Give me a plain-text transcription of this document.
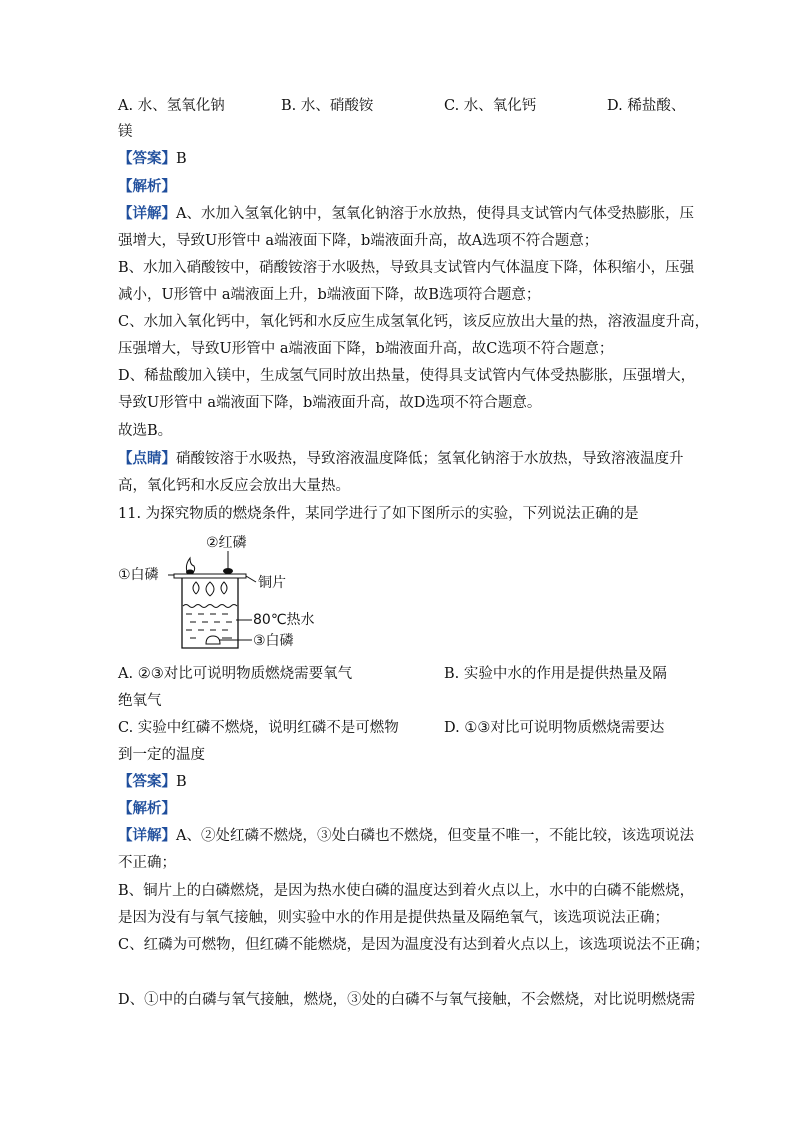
A. 水、氢氧化钠	B. 水、硝酸铵	C. 水、氧化钙	D. 稀盐酸、
镁
【答案】B
【解析】
【详解】A、水加入氢氧化钠中，氢氧化钠溶于水放热，使得具支试管内气体受热膨胀，压
强增大，导致U形管中 a端液面下降，b端液面升高，故A选项不符合题意；
B、水加入硝酸铵中，硝酸铵溶于水吸热，导致具支试管内气体温度下降，体积缩小，压强
减小，U形管中 a端液面上升，b端液面下降，故B选项符合题意；
C、水加入氧化钙中，氧化钙和水反应生成氢氧化钙，该反应放出大量的热，溶液温度升高，
压强增大，导致U形管中 a端液面下降，b端液面升高，故C选项不符合题意；
D、稀盐酸加入镁中，生成氢气同时放出热量，使得具支试管内气体受热膨胀，压强增大，
导致U形管中 a端液面下降，b端液面升高，故D选项不符合题意。
故选B。
【点睛】硝酸铵溶于水吸热，导致溶液温度降低；氢氧化钠溶于水放热，导致溶液温度升
高，氧化钙和水反应会放出大量热。
11. 为探究物质的燃烧条件，某同学进行了如下图所示的实验，下列说法正确的是
②红磷
①白磷	铜片
80℃热水
③白磷
A. ②③对比可说明物质燃烧需要氧气	B. 实验中水的作用是提供热量及隔
绝氧气
C. 实验中红磷不燃烧，说明红磷不是可燃物	D. ①③对比可说明物质燃烧需要达
到一定的温度
【答案】B
【解析】
【详解】A、②处红磷不燃烧，③处白磷也不燃烧，但变量不唯一，不能比较，该选项说法
不正确；
B、铜片上的白磷燃烧，是因为热水使白磷的温度达到着火点以上，水中的白磷不能燃烧，
是因为没有与氧气接触，则实验中水的作用是提供热量及隔绝氧气，该选项说法正确；
C、红磷为可燃物，但红磷不能燃烧，是因为温度没有达到着火点以上，该选项说法不正确；
D、①中的白磷与氧气接触，燃烧，③处的白磷不与氧气接触，不会燃烧，对比说明燃烧需
